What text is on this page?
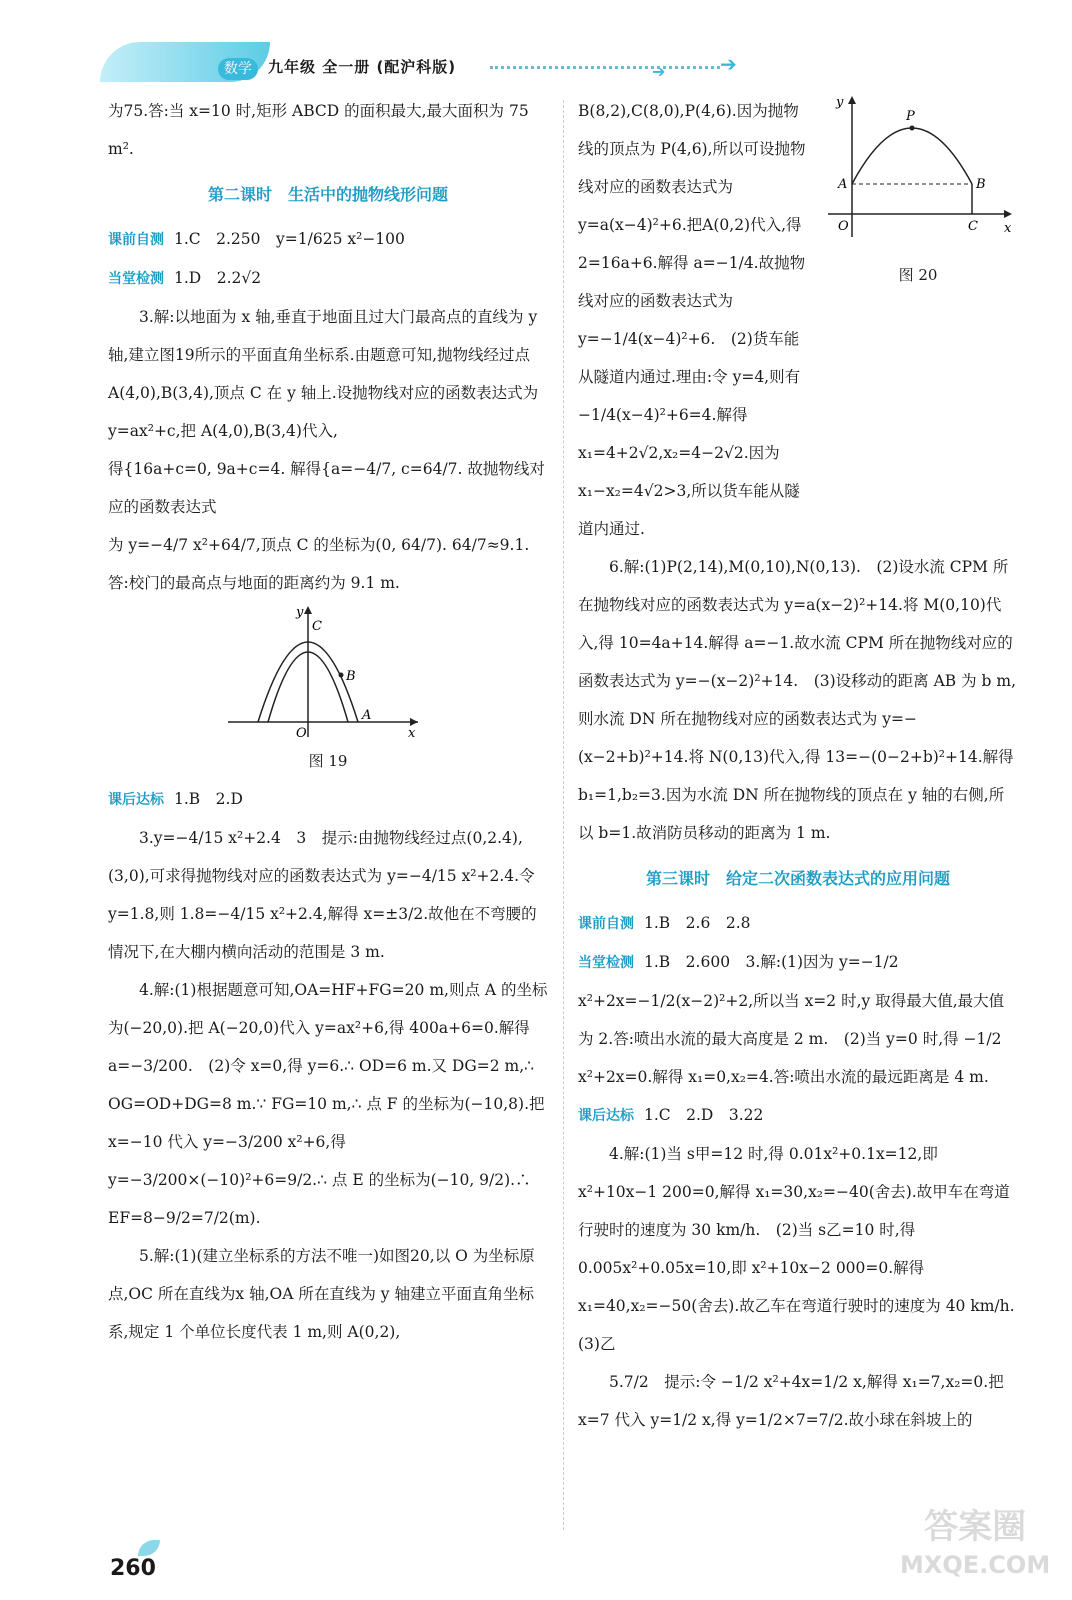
数学	九年级 全一册 (配沪科版)	➔	➔

为75.答:当 x=10 时,矩形 ABCD 的面积最大,最大面积为 75 m².

第二课时　生活中的抛物线形问题

课前自测 1.C　2.250　y=1/625 x²−100

当堂检测 1.D　2.2√2

3.解:以地面为 x 轴,垂直于地面且过大门最高点的直线为 y 轴,建立图19所示的平面直角坐标系.由题意可知,抛物线经过点A(4,0),B(3,4),顶点 C 在 y 轴上.设抛物线对应的函数表达式为 y=ax²+c,把 A(4,0),B(3,4)代入,

得{16a+c=0, 9a+c=4. 解得{a=−4/7, c=64/7. 故抛物线对应的函数表达式

为 y=−4/7 x²+64/7,顶点 C 的坐标为(0, 64/7). 64/7≈9.1.答:校门的最高点与地面的距离约为 9.1 m.

C
B
A
O
y
x

图 19

课后达标 1.B　2.D

3.y=−4/15 x²+2.4　3　提示:由抛物线经过点(0,2.4),(3,0),可求得抛物线对应的函数表达式为 y=−4/15 x²+2.4.令 y=1.8,则 1.8=−4/15 x²+2.4,解得 x=±3/2.故他在不弯腰的情况下,在大棚内横向活动的范围是 3 m.

4.解:(1)根据题意可知,OA=HF+FG=20 m,则点 A 的坐标为(−20,0).把 A(−20,0)代入 y=ax²+6,得 400a+6=0.解得 a=−3/200.　(2)令 x=0,得 y=6.∴ OD=6 m.又 DG=2 m,∴ OG=OD+DG=8 m.∵ FG=10 m,∴ 点 F 的坐标为(−10,8).把 x=−10 代入 y=−3/200 x²+6,得 y=−3/200×(−10)²+6=9/2.∴ 点 E 的坐标为(−10, 9/2).∴ EF=8−9/2=7/2(m).

5.解:(1)(建立坐标系的方法不唯一)如图20,以 O 为坐标原点,OC 所在直线为x 轴,OA 所在直线为 y 轴建立平面直角坐标系,规定 1 个单位长度代表 1 m,则 A(0,2),

B(8,2),C(8,0),P(4,6).因为抛物线的顶点为 P(4,6),所以可设抛物线对应的函数表达式为 y=a(x−4)²+6.把A(0,2)代入,得 2=16a+6.解得 a=−1/4.故抛物线对应的函数表达式为 y=−1/4(x−4)²+6.　(2)货车能从隧道内通过.理由:令 y=4,则有 −1/4(x−4)²+6=4.解得 x₁=4+2√2,x₂=4−2√2.因为 x₁−x₂=4√2>3,所以货车能从隧道内通过.

P
A	B
C
O
y
x

图 20

6.解:(1)P(2,14),M(0,10),N(0,13).　(2)设水流 CPM 所在抛物线对应的函数表达式为 y=a(x−2)²+14.将 M(0,10)代入,得 10=4a+14.解得 a=−1.故水流 CPM 所在抛物线对应的函数表达式为 y=−(x−2)²+14.　(3)设移动的距离 AB 为 b m,则水流 DN 所在抛物线对应的函数表达式为 y=−(x−2+b)²+14.将 N(0,13)代入,得 13=−(0−2+b)²+14.解得 b₁=1,b₂=3.因为水流 DN 所在抛物线的顶点在 y 轴的右侧,所以 b=1.故消防员移动的距离为 1 m.

第三课时　给定二次函数表达式的应用问题

课前自测 1.B　2.6　2.8

当堂检测 1.B　2.600　3.解:(1)因为 y=−1/2 x²+2x=−1/2(x−2)²+2,所以当 x=2 时,y 取得最大值,最大值为 2.答:喷出水流的最大高度是 2 m.　(2)当 y=0 时,得 −1/2 x²+2x=0.解得 x₁=0,x₂=4.答:喷出水流的最远距离是 4 m.

课后达标 1.C　2.D　3.22

4.解:(1)当 s甲=12 时,得 0.01x²+0.1x=12,即 x²+10x−1 200=0,解得 x₁=30,x₂=−40(舍去).故甲车在弯道行驶时的速度为 30 km/h.　(2)当 s乙=10 时,得 0.005x²+0.05x=10,即 x²+10x−2 000=0.解得 x₁=40,x₂=−50(舍去).故乙车在弯道行驶时的速度为 40 km/h.

(3)乙

5.7/2　提示:令 −1/2 x²+4x=1/2 x,解得 x₁=7,x₂=0.把 x=7 代入 y=1/2 x,得 y=1/2×7=7/2.故小球在斜坡上的

260
答案圈
MXQE.COM
